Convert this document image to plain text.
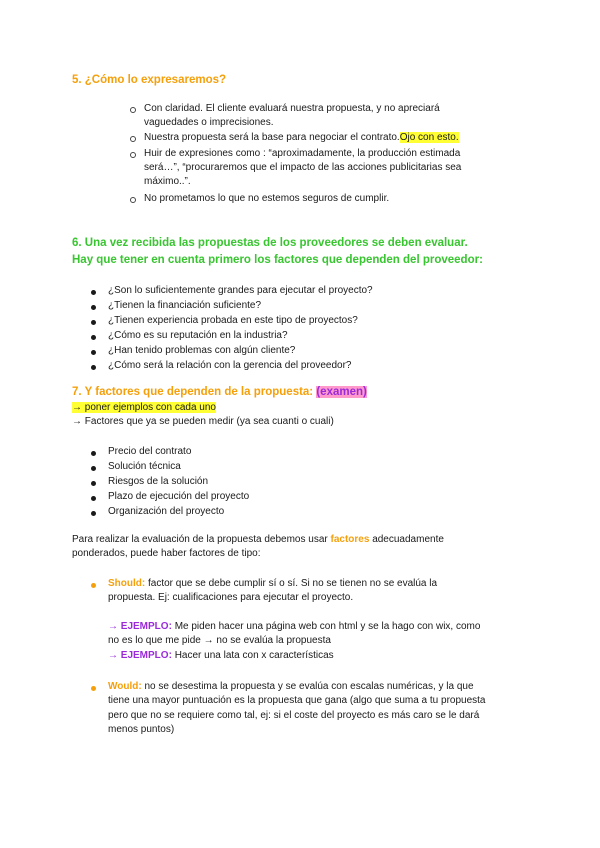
5. ¿Cómo lo expresaremos?
Con claridad. El cliente evaluará nuestra propuesta, y no apreciará
vaguedades o imprecisiones.
Nuestra propuesta será la base para negociar el contrato.Ojo con esto.
Huir de expresiones como : “aproximadamente, la producción estimada
será…”, “procuraremos que el impacto de las acciones publicitarias sea
máximo..”.
No prometamos lo que no estemos seguros de cumplir.
6. Una vez recibida las propuestas de los proveedores se deben evaluar.
Hay que tener en cuenta primero los factores que dependen del proveedor:
¿Son lo suficientemente grandes para ejecutar el proyecto?
¿Tienen la financiación suficiente?
¿Tienen experiencia probada en este tipo de proyectos?
¿Cómo es su reputación en la industria?
¿Han tenido problemas con algún cliente?
¿Cómo será la relación con la gerencia del proveedor?
7. Y factores que dependen de la propuesta: (examen)
→ poner ejemplos con cada uno
→ Factores que ya se pueden medir (ya sea cuanti o cuali)
Precio del contrato
Solución técnica
Riesgos de la solución
Plazo de ejecución del proyecto
Organización del proyecto
Para realizar la evaluación de la propuesta debemos usar factores adecuadamente
ponderados, puede haber factores de tipo:
Should: factor que se debe cumplir sí o sí. Si no se tienen no se evalúa la
propuesta. Ej: cualificaciones para ejecutar el proyecto.
→ EJEMPLO: Me piden hacer una página web con html y se la hago con wix, como
no es lo que me pide → no se evalúa la propuesta
→ EJEMPLO: Hacer una lata con x características
Would: no se desestima la propuesta y se evalúa con escalas numéricas, y la que
tiene una mayor puntuación es la propuesta que gana (algo que suma a tu propuesta
pero que no se requiere como tal, ej: si el coste del proyecto es más caro se le dará
menos puntos)
